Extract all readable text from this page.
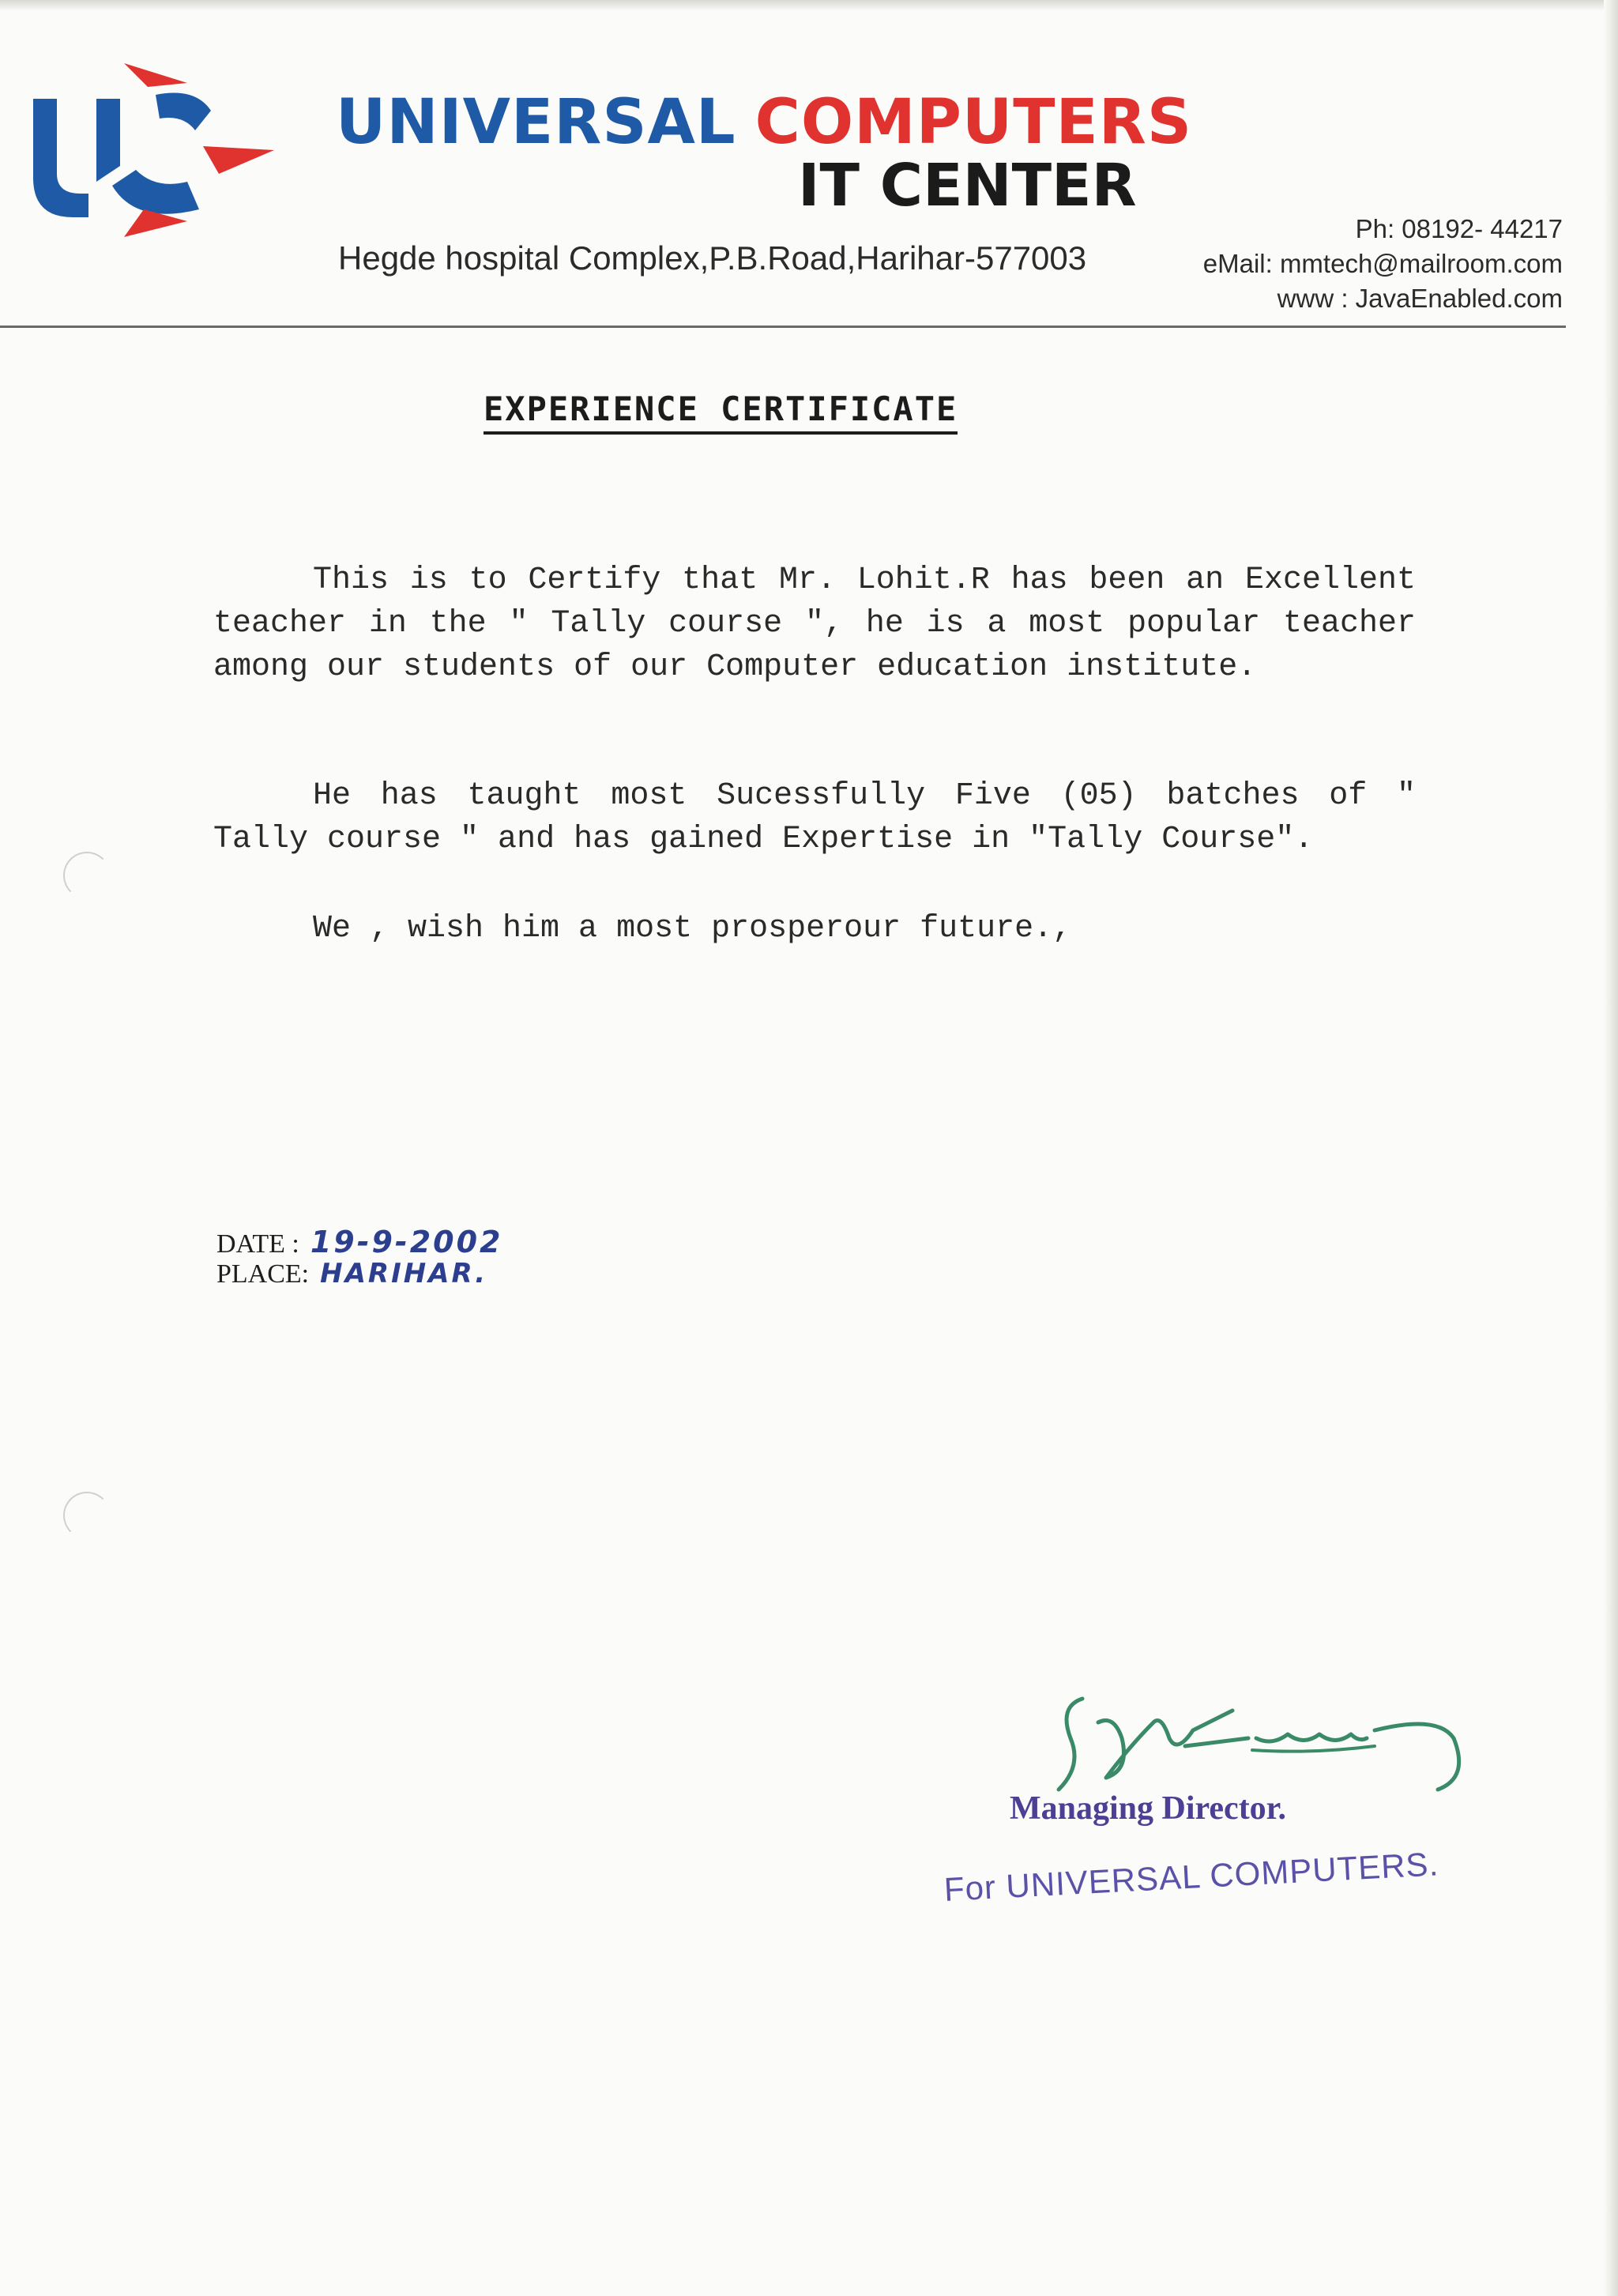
UNIVERSAL COMPUTERS
IT CENTER
Hegde hospital Complex,P.B.Road,Harihar-577003
Ph: 08192- 44217
eMail: mmtech@mailroom.com
www : JavaEnabled.com
EXPERIENCE CERTIFICATE
This is to Certify that Mr. Lohit.R has been an Excellent teacher in the " Tally course ", he is a most popular teacher among our students of our Computer education institute.
He has taught most Sucessfully Five (05) batches of " Tally course " and has gained Expertise in "Tally Course".
We , wish him a most prosperour future.,
DATE : 19-9-2002
PLACE: HARIHAR.
Managing Director.
For UNIVERSAL COMPUTERS.
